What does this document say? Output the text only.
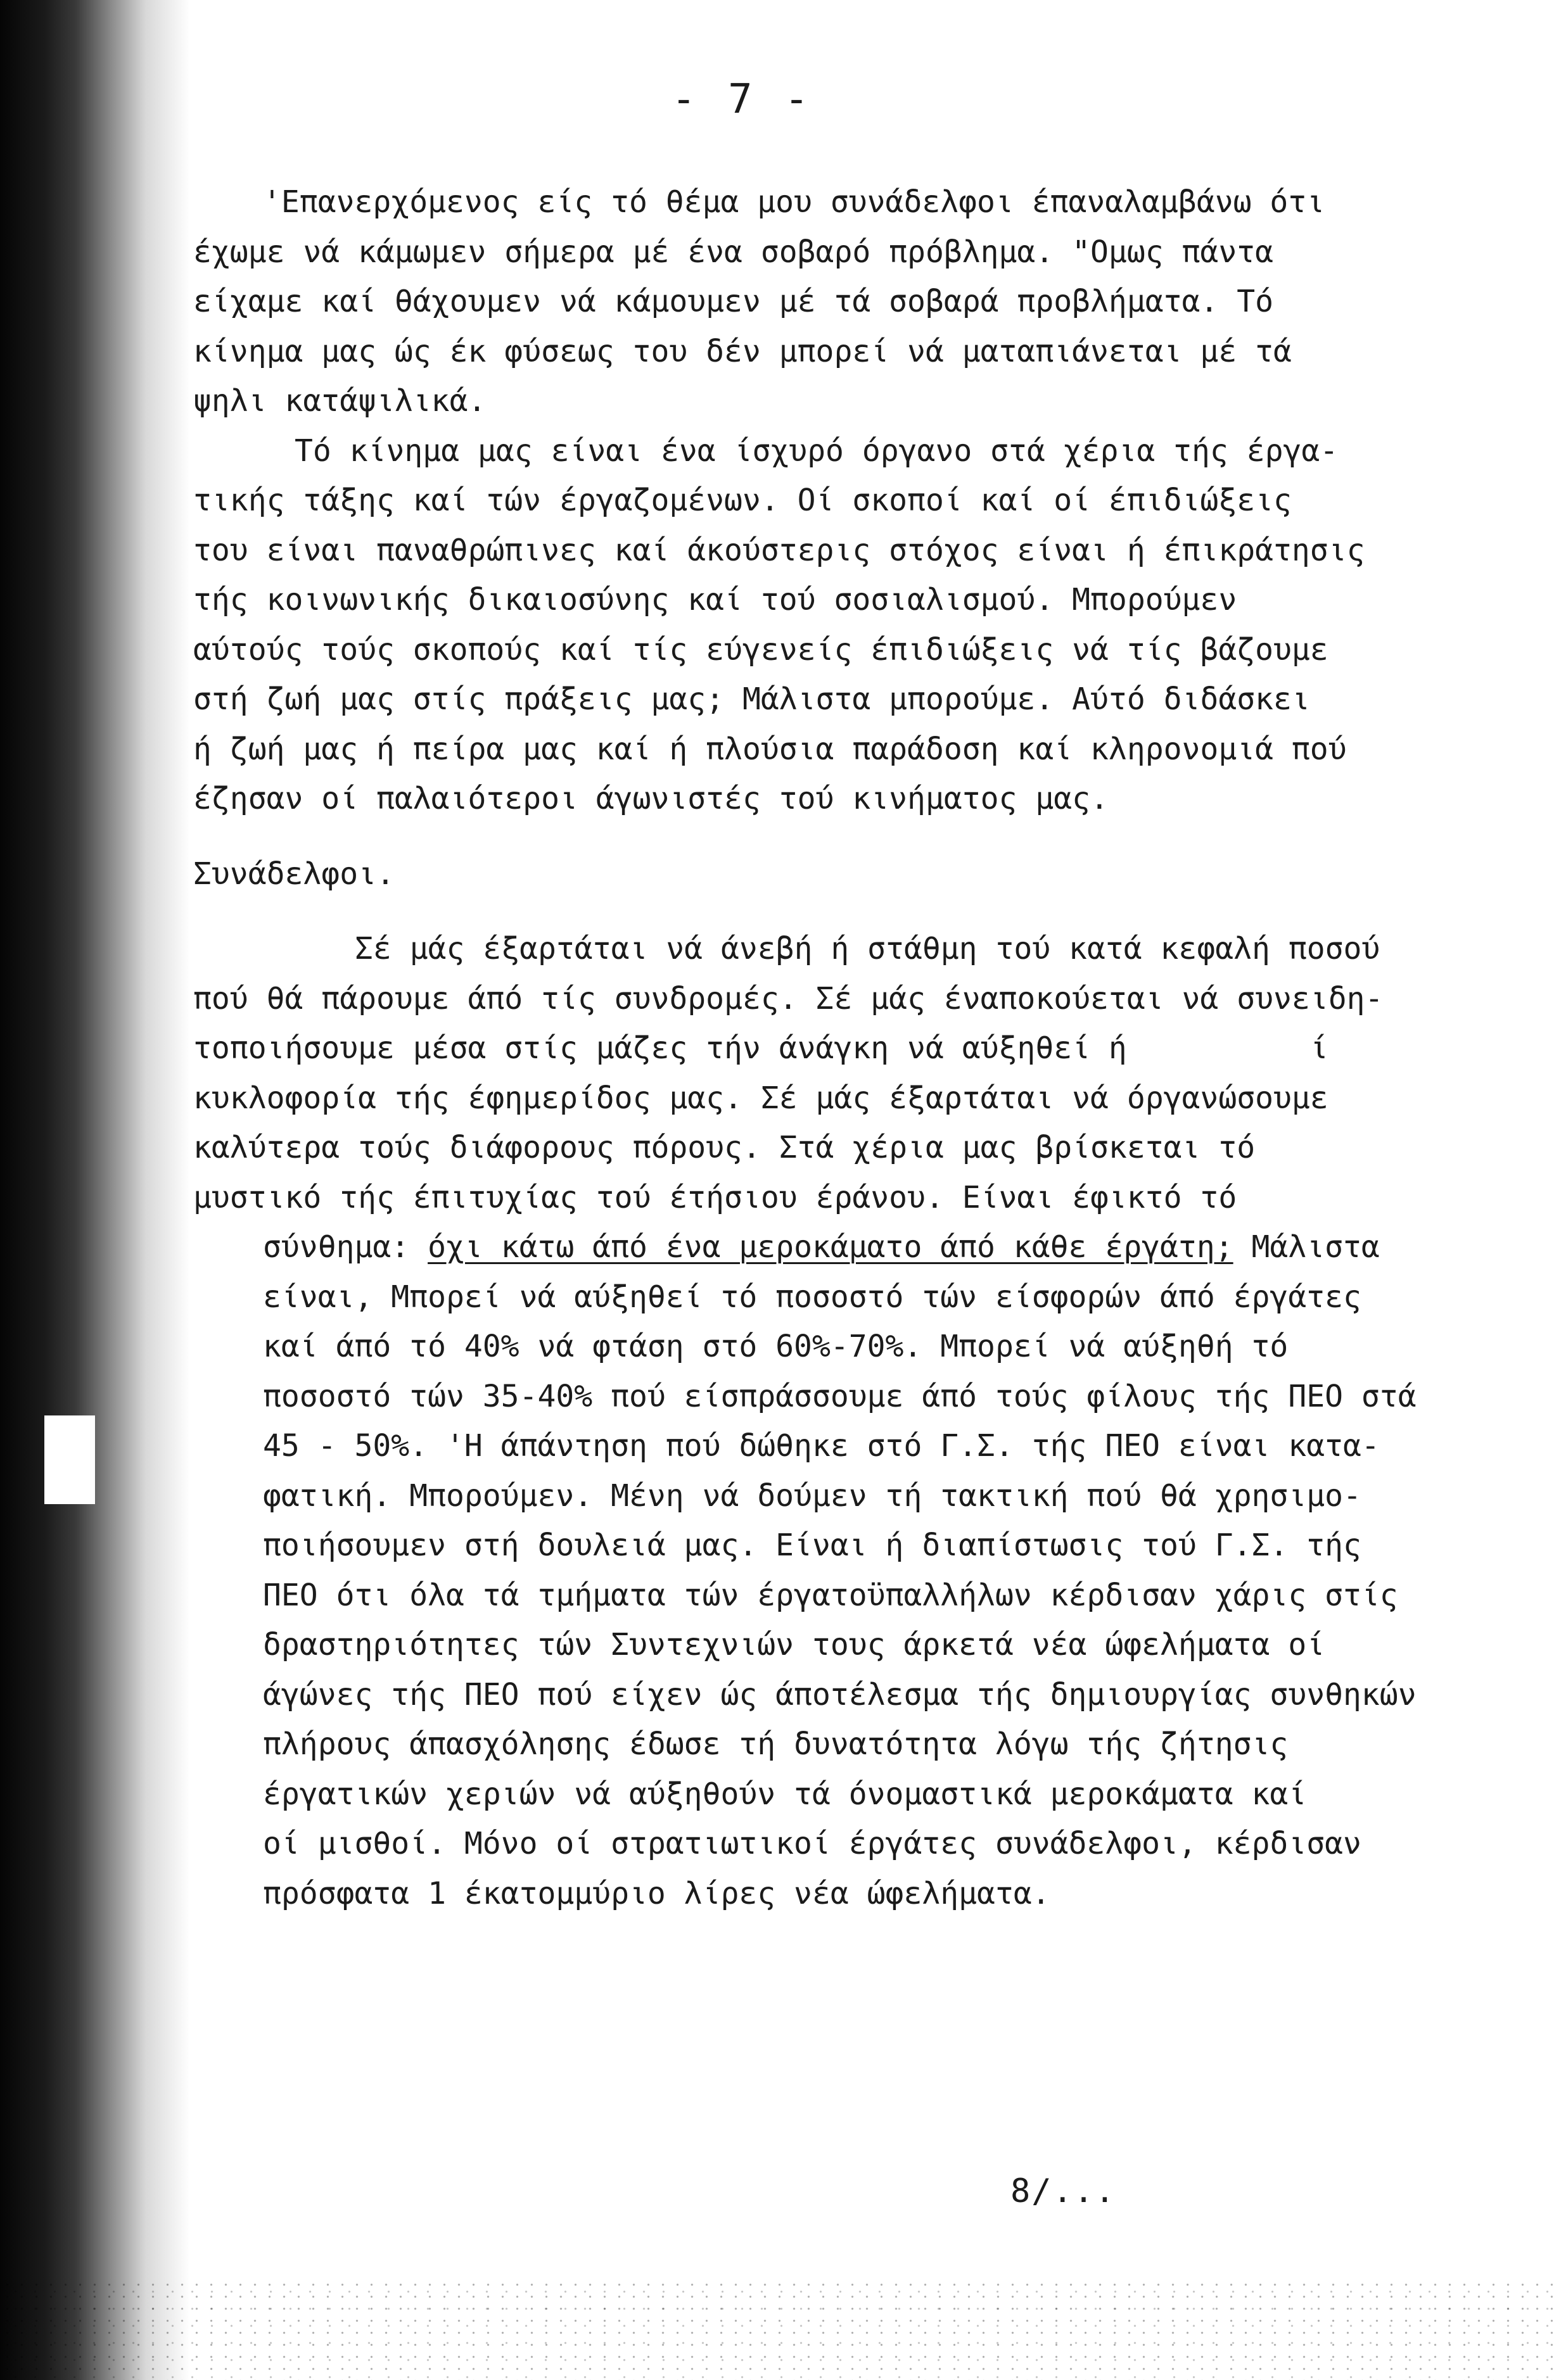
- 7 -
'Επανερχόμενος είς τό θέμα μου συνάδελφοι έπαναλαμβάνω ότι
έχωμε νά κάμωμεν σήμερα μέ ένα σοβαρό πρόβλημα. "Ομως πάντα
είχαμε καί θάχουμεν νά κάμουμεν μέ τά σοβαρά προβλήματα. Τό
κίνημα μας ώς έκ φύσεως του δέν μπορεί νά ματαπιάνεται μέ τά
ψηλι κατάψιλικά.
Τό κίνημα μας είναι ένα ίσχυρό όργανο στά χέρια τής έργα-
τικής τάξης καί τών έργαζομένων. Οί σκοποί καί οί έπιδιώξεις
του είναι παναθρώπινες καί άκούστερις στόχος είναι ή έπικράτησις
τής κοινωνικής δικαιοσύνης καί τού σοσιαλισμού. Μπορούμεν
αύτούς τούς σκοπούς καί τίς εύγενείς έπιδιώξεις νά τίς βάζουμε
στή ζωή μας στίς πράξεις μας; Μάλιστα μπορούμε. Αύτό διδάσκει
ή ζωή μας ή πείρα μας καί ή πλούσια παράδοση καί κληρονομιά πού
έζησαν οί παλαιότεροι άγωνιστές τού κινήματος μας.
Συνάδελφοι.
Σέ μάς έξαρτάται νά άνεβή ή στάθμη τού κατά κεφαλή ποσού
πού θά πάρουμε άπό τίς συνδρομές. Σέ μάς έναποκούεται νά συνειδη-
τοποιήσουμε μέσα στίς μάζες τήν άνάγκη νά αύξηθεί ή          ί
κυκλοφορία τής έφημερίδος μας. Σέ μάς έξαρτάται νά όργανώσουμε
καλύτερα τούς διάφορους πόρους. Στά χέρια μας βρίσκεται τό
μυστικό τής έπιτυχίας τού έτήσιου έράνου. Είναι έφικτό τό
σύνθημα: όχι κάτω άπό ένα μεροκάματο άπό κάθε έργάτη; Μάλιστα
είναι, Μπορεί νά αύξηθεί τό ποσοστό τών είσφορών άπό έργάτες
καί άπό τό 40% νά φτάση στό 60%-70%. Μπορεί νά αύξηθή τό
ποσοστό τών 35-40% πού είσπράσσουμε άπό τούς φίλους τής ΠΕΟ στά
45 - 50%. 'Η άπάντηση πού δώθηκε στό Γ.Σ. τής ΠΕΟ είναι κατα-
φατική. Μπορούμεν. Μένη νά δούμεν τή τακτική πού θά χρησιμο-
ποιήσουμεν στή δουλειά μας. Είναι ή διαπίστωσις τού Γ.Σ. τής
ΠΕΟ ότι όλα τά τμήματα τών έργατοϋπαλλήλων κέρδισαν χάρις στίς
δραστηριότητες τών Συντεχνιών τους άρκετά νέα ώφελήματα οί
άγώνες τής ΠΕΟ πού είχεν ώς άποτέλεσμα τής δημιουργίας συνθηκών
πλήρους άπασχόλησης έδωσε τή δυνατότητα λόγω τής ζήτησις
έργατικών χεριών νά αύξηθούν τά όνομαστικά μεροκάματα καί
οί μισθοί. Μόνο οί στρατιωτικοί έργάτες συνάδελφοι, κέρδισαν
πρόσφατα 1 έκατομμύριο λίρες νέα ώφελήματα.
8/...
